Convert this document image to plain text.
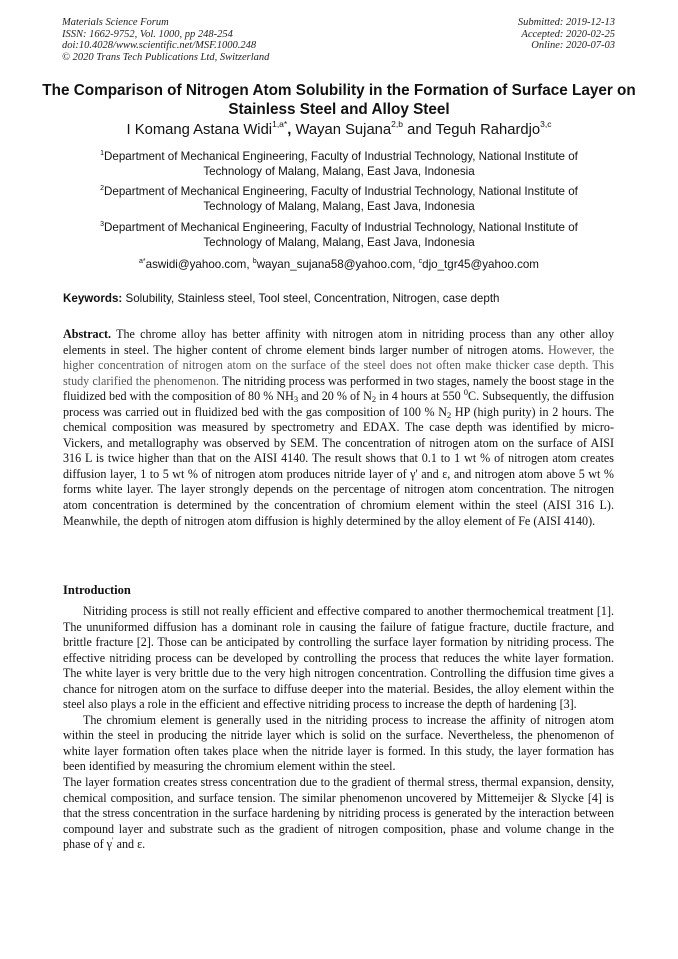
Materials Science Forum
ISSN: 1662-9752, Vol. 1000, pp 248-254
doi:10.4028/www.scientific.net/MSF.1000.248
© 2020 Trans Tech Publications Ltd, Switzerland
Submitted: 2019-12-13
Accepted: 2020-02-25
Online: 2020-07-03
The Comparison of Nitrogen Atom Solubility in the Formation of Surface Layer on Stainless Steel and Alloy Steel
I Komang Astana Widi$^{1,a*}$, Wayan Sujana$^{2,b}$ and Teguh Rahardjo$^{3,c}$
$^1$Department of Mechanical Engineering, Faculty of Industrial Technology, National Institute of Technology of Malang, Malang, East Java, Indonesia
$^2$Department of Mechanical Engineering, Faculty of Industrial Technology, National Institute of Technology of Malang, Malang, East Java, Indonesia
$^3$Department of Mechanical Engineering, Faculty of Industrial Technology, National Institute of Technology of Malang, Malang, East Java, Indonesia
$^{a*}$aswidi@yahoo.com, $^b$wayan_sujana58@yahoo.com, $^c$djo_tgr45@yahoo.com
Keywords: Solubility, Stainless steel, Tool steel, Concentration, Nitrogen, case depth
Abstract. The chrome alloy has better affinity with nitrogen atom in nitriding process than any other alloy elements in steel. The higher content of chrome element binds larger number of nitrogen atoms. However, the higher concentration of nitrogen atom on the surface of the steel does not often make thicker case depth. This study clarified the phenomenon. The nitriding process was performed in two stages, namely the boost stage in the fluidized bed with the composition of 80 % $NH_3$ and 20 % of $N_2$ in 4 hours at 550 $^0$C. Subsequently, the diffusion process was carried out in fluidized bed with the gas composition of 100 % $N_2$ HP (high purity) in 2 hours. The chemical composition was measured by spectrometry and EDAX. The case depth was identified by micro-Vickers, and metallography was observed by SEM. The concentration of nitrogen atom on the surface of AISI 316 L is twice higher than that on the AISI 4140. The result shows that 0.1 to 1 wt % of nitrogen atom creates diffusion layer, 1 to 5 wt % of nitrogen atom produces nitride layer of γ' and ε, and nitrogen atom above 5 wt % forms white layer. The layer strongly depends on the percentage of nitrogen atom concentration. The nitrogen atom concentration is determined by the concentration of chromium element within the steel (AISI 316 L). Meanwhile, the depth of nitrogen atom diffusion is highly determined by the alloy element of Fe (AISI 4140).
Introduction
Nitriding process is still not really efficient and effective compared to another thermochemical treatment [1]. The ununiformed diffusion has a dominant role in causing the failure of fatigue fracture, ductile fracture, and brittle fracture [2]. Those can be anticipated by controlling the surface layer formation by nitriding process. The effective nitriding process can be developed by controlling the process that reduces the white layer formation. The white layer is very brittle due to the very high nitrogen concentration. Controlling the diffusion time gives a chance for nitrogen atom on the surface to diffuse deeper into the material. Besides, the alloy element within the steel also plays a role in the efficient and effective nitriding process to increase the depth of hardening [3].
The chromium element is generally used in the nitriding process to increase the affinity of nitrogen atom within the steel in producing the nitride layer which is solid on the surface. Nevertheless, the phenomenon of white layer formation often takes place when the nitride layer is formed. In this study, the layer formation has been identified by measuring the chromium element within the steel.
The layer formation creates stress concentration due to the gradient of thermal stress, thermal expansion, density, chemical composition, and surface tension. The similar phenomenon uncovered by Mittemeijer & Slycke [4] is that the stress concentration in the surface hardening by nitriding process is generated by the interaction between compound layer and substrate such as the gradient of nitrogen composition, phase and volume change in the phase of γ' and ε.
